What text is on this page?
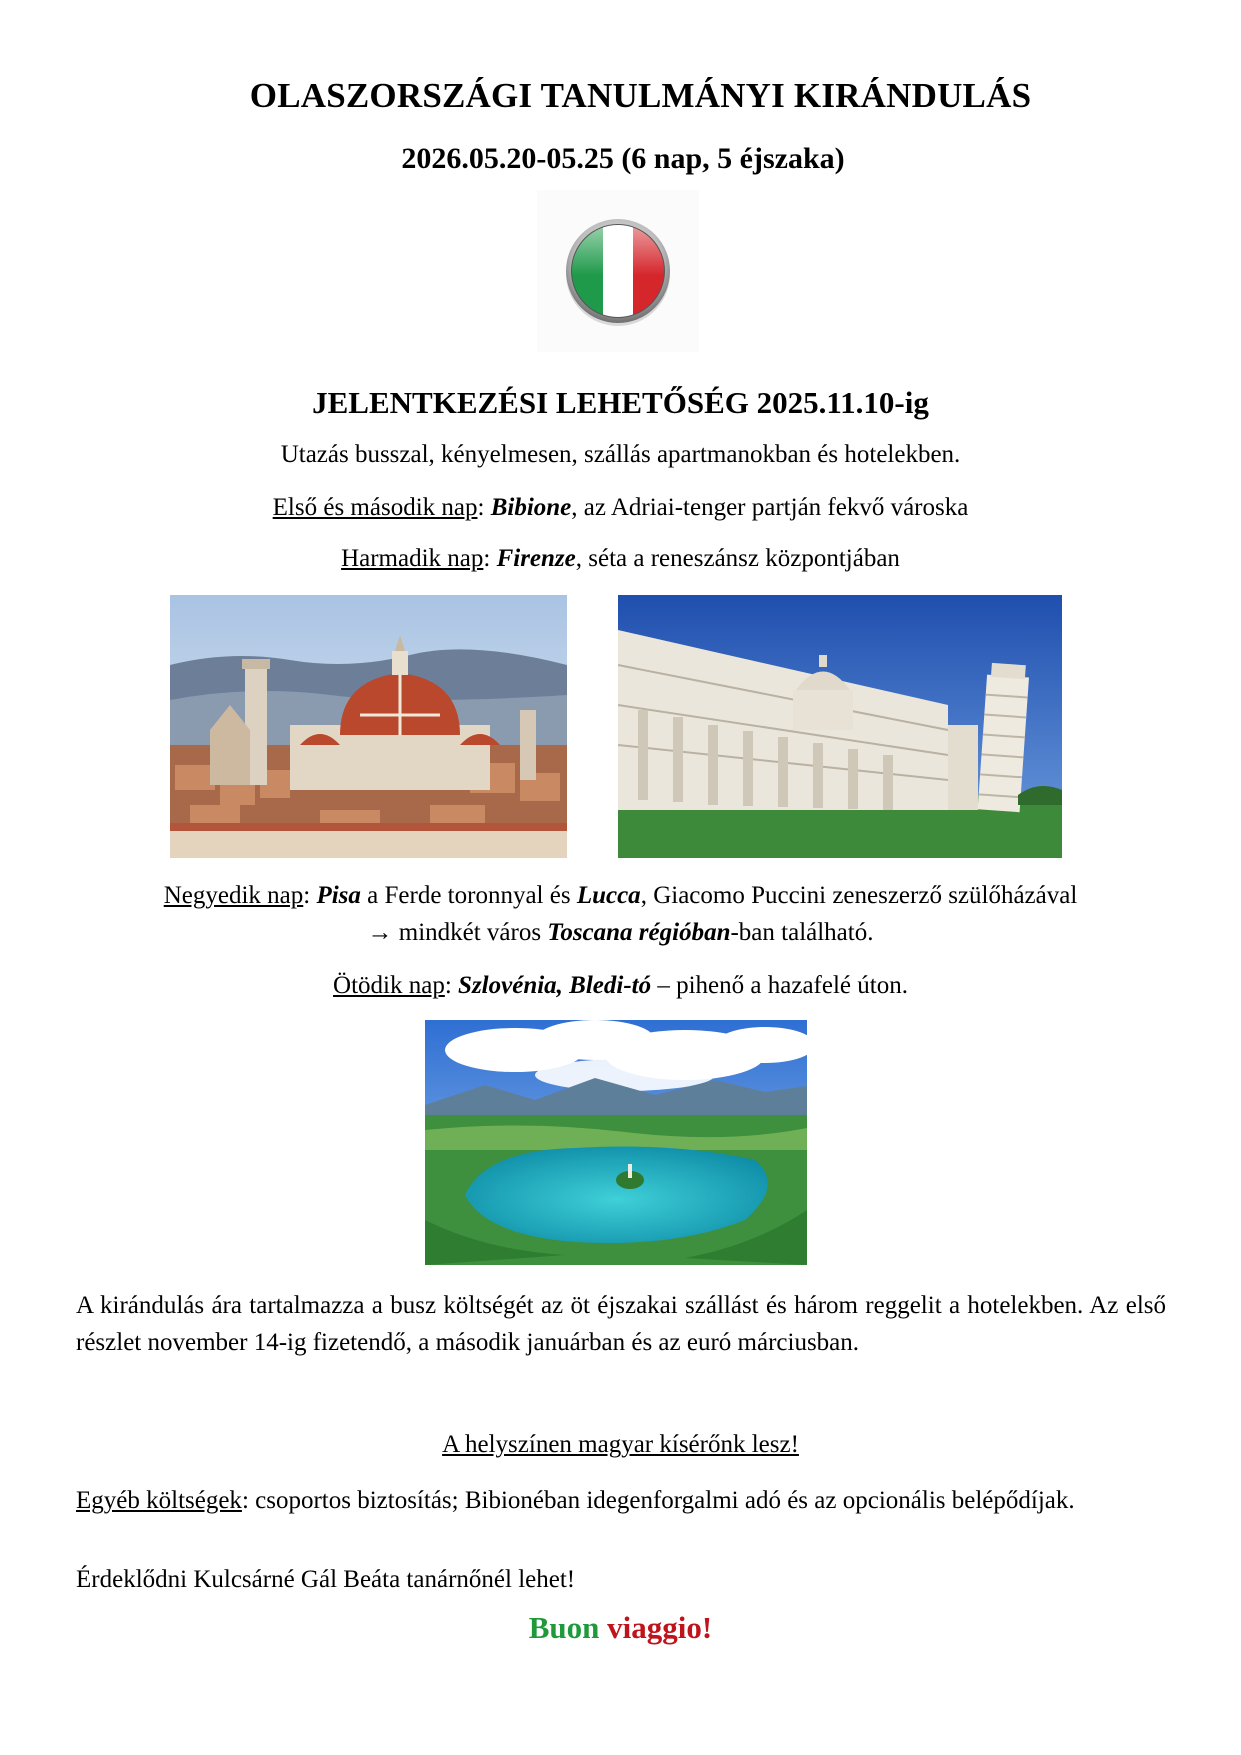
OLASZORSZÁGI TANULMÁNYI KIRÁNDULÁS
2026.05.20-05.25 (6 nap, 5 éjszaka)
JELENTKEZÉSI LEHETŐSÉG 2025.11.10-ig
Utazás busszal, kényelmesen, szállás apartmanokban és hotelekben.
Első és második nap: Bibione, az Adriai-tenger partján fekvő városka
Harmadik nap: Firenze, séta a reneszánsz központjában
Negyedik nap: Pisa a Ferde toronnyal és Lucca, Giacomo Puccini zeneszerző szülőházával
→ mindkét város Toscana régióban-ban található.
Ötödik nap: Szlovénia, Bledi-tó – pihenő a hazafelé úton.
A kirándulás ára tartalmazza a busz költségét az öt éjszakai szállást és három reggelit a hotelekben. Az első részlet november 14-ig fizetendő, a második januárban és az euró márciusban.
A helyszínen magyar kísérőnk lesz!
Egyéb költségek: csoportos biztosítás; Bibionéban idegenforgalmi adó és az opcionális belépődíjak.
Érdeklődni Kulcsárné Gál Beáta tanárnőnél lehet!
Buon viaggio!
